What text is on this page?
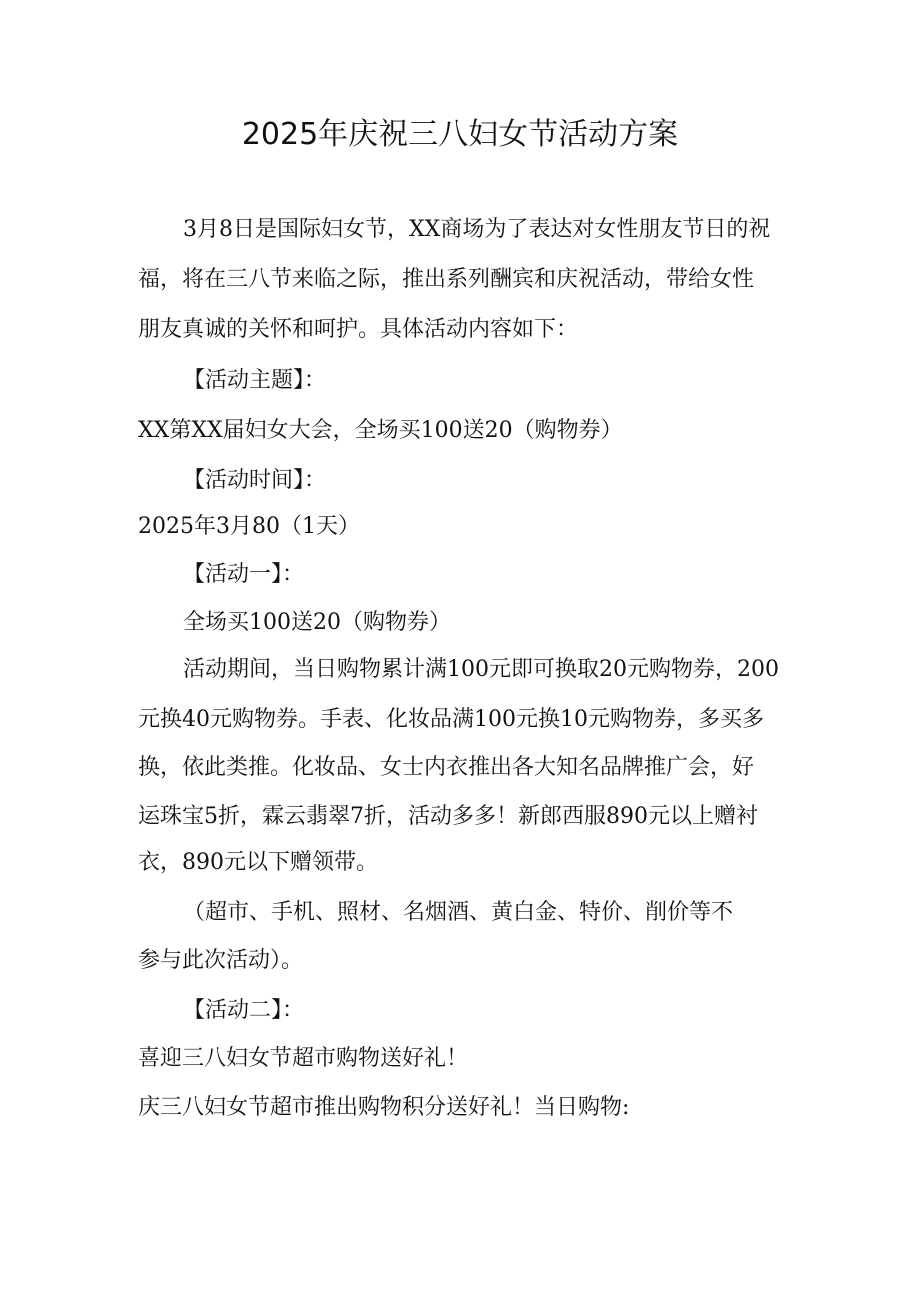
2025年庆祝三八妇女节活动方案

3月8日是国际妇女节，XX商场为了表达对女性朋友节日的祝

福，将在三八节来临之际，推出系列酬宾和庆祝活动，带给女性

朋友真诚的关怀和呵护。具体活动内容如下：

【活动主题】：

XX第XX届妇女大会，全场买100送20（购物券）

【活动时间】：

2025年3月80（1天）

【活动一】：

全场买100送20（购物券）

活动期间，当日购物累计满100元即可换取20元购物券，200

元换40元购物券。手表、化妆品满100元换10元购物券，多买多

换，依此类推。化妆品、女士内衣推出各大知名品牌推广会，好

运珠宝5折，霖云翡翠7折，活动多多！新郎西服890元以上赠衬

衣，890元以下赠领带。

（超市、手机、照材、名烟酒、黄白金、特价、削价等不

参与此次活动）。

【活动二】：

喜迎三八妇女节超市购物送好礼！

庆三八妇女节超市推出购物积分送好礼！当日购物:
